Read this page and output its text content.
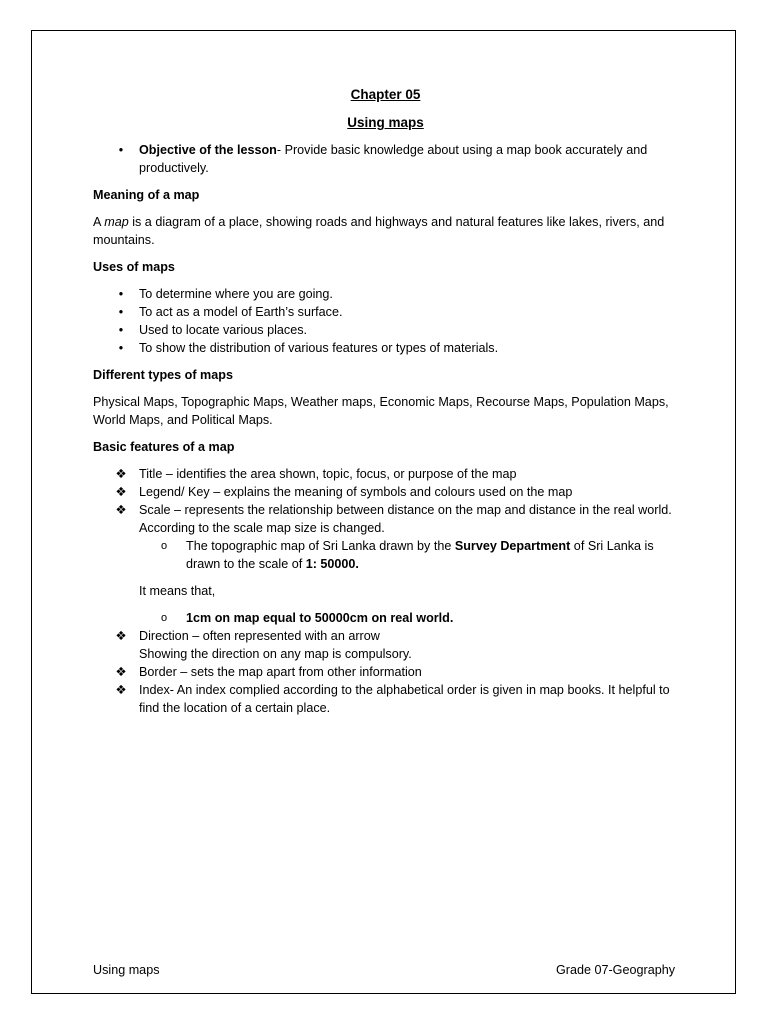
Chapter 05

Using maps

•	Objective of the lesson- Provide basic knowledge about using a map book accurately and productively.

Meaning of a map

A map is a diagram of a place, showing roads and highways and natural features like lakes, rivers, and mountains.

Uses of maps

•	To determine where you are going.
•	To act as a model of Earth’s surface.
•	Used to locate various places.
•	To show the distribution of various features or types of materials.

Different types of maps

Physical Maps, Topographic Maps, Weather maps, Economic Maps, Recourse Maps, Population Maps, World Maps, and Political Maps.

Basic features of a map

❖ Title – identifies the area shown, topic, focus, or purpose of the map
❖ Legend/ Key – explains the meaning of symbols and colours used on the map
❖ Scale – represents the relationship between distance on the map and distance in the real world. According to the scale map size is changed.
o The topographic map of Sri Lanka drawn by the Survey Department of Sri Lanka is drawn to the scale of 1: 50000.

It means that,

o 1cm on map equal to 50000cm on real world.
❖ Direction – often represented with an arrow
Showing the direction on any map is compulsory.
❖ Border – sets the map apart from other information
❖ Index- An index complied according to the alphabetical order is given in map books. It helpful to find the location of a certain place.
Using maps	Grade 07-Geography
